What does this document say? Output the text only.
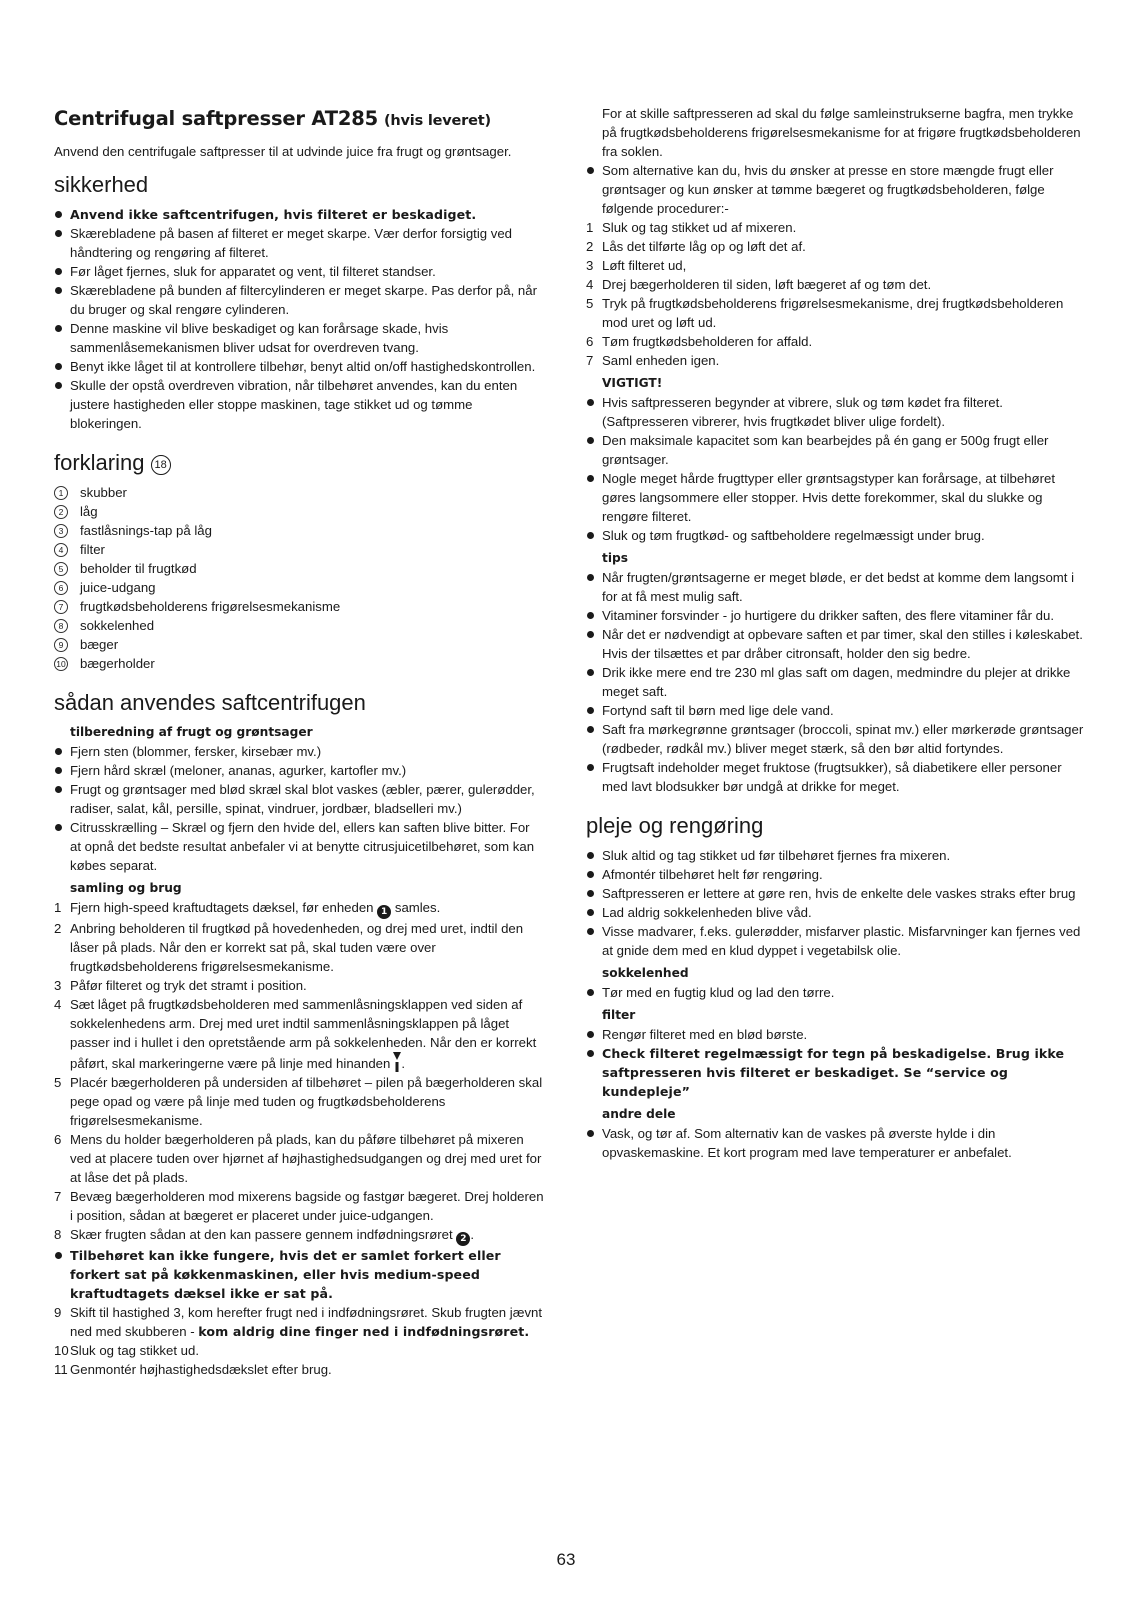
Centrifugal saftpresser AT285 (hvis leveret)

Anvend den centrifugale saftpresser til at udvinde juice fra frugt og grøntsager.

sikkerhed
Anvend ikke saftcentrifugen, hvis filteret er beskadiget.
Skærebladene på basen af filteret er meget skarpe. Vær derfor forsigtig ved håndtering og rengøring af filteret.
Før låget fjernes, sluk for apparatet og vent, til filteret standser.
Skærebladene på bunden af filtercylinderen er meget skarpe. Pas derfor på, når du bruger og skal rengøre cylinderen.
Denne maskine vil blive beskadiget og kan forårsage skade, hvis sammenlåsemekanismen bliver udsat for overdreven tvang.
Benyt ikke låget til at kontrollere tilbehør, benyt altid on/off hastighedskontrollen.
Skulle der opstå overdreven vibration, når tilbehøret anvendes, kan du enten justere hastigheden eller stoppe maskinen, tage stikket ud og tømme blokeringen.
forklaring 18
1	skubber
2	låg
3	fastlåsnings-tap på låg
4	filter
5	beholder til frugtkød
6	juice-udgang
7	frugtkødsbeholderens frigørelsesmekanisme
8	sokkelenhed
9	bæger
10 bægerholder
sådan anvendes saftcentrifugen
tilberedning af frugt og grøntsager
Fjern sten (blommer, fersker, kirsebær mv.)
Fjern hård skræl (meloner, ananas, agurker, kartofler mv.)
Frugt og grøntsager med blød skræl skal blot vaskes (æbler, pærer, gulerødder, radiser, salat, kål, persille, spinat, vindruer, jordbær, bladselleri mv.)
Citrusskrælling – Skræl og fjern den hvide del, ellers kan saften blive bitter. For at opnå det bedste resultat anbefaler vi at benytte citrusjuicetilbehøret, som kan købes separat.
samling og brug
1 Fjern high-speed kraftudtagets dæksel, før enheden 1 samles.
2 Anbring beholderen til frugtkød på hovedenheden, og drej med uret, indtil den låser på plads. Når den er korrekt sat på, skal tuden være over frugtkødsbeholderens frigørelsesmekanisme.
3 Påfør filteret og tryk det stramt i position.
4 Sæt låget på frugtkødsbeholderen med sammenlåsningsklappen ved siden af sokkelenhedens arm. Drej med uret indtil sammenlåsningsklappen på låget passer ind i hullet i den opretstående arm på sokkelenheden. Når den er korrekt påført, skal markeringerne være på linje med hinanden .
5 Placér bægerholderen på undersiden af tilbehøret – pilen på bægerholderen skal pege opad og være på linje med tuden og frugtkødsbeholderens frigørelsesmekanisme.
6 Mens du holder bægerholderen på plads, kan du påføre tilbehøret på mixeren ved at placere tuden over hjørnet af højhastighedsudgangen og drej med uret for at låse det på plads.
7 Bevæg bægerholderen mod mixerens bagside og fastgør bægeret. Drej holderen i position, sådan at bægeret er placeret under juice-udgangen.
8 Skær frugten sådan at den kan passere gennem indfødningsrøret 2 .
Tilbehøret kan ikke fungere, hvis det er samlet forkert eller forkert sat på køkkenmaskinen, eller hvis medium-speed kraftudtagets dæksel ikke er sat på.
9 Skift til hastighed 3, kom herefter frugt ned i indfødningsrøret. Skub frugten jævnt ned med skubberen - kom aldrig dine finger ned i indfødningsrøret.
10 Sluk og tag stikket ud.
11 Genmontér højhastighedsdækslet efter brug.

For at skille saftpresseren ad skal du følge samleinstrukserne bagfra, men trykke på frugtkødsbeholderens frigørelsesmekanisme for at frigøre frugtkødsbeholderen fra soklen.

Som alternative kan du, hvis du ønsker at presse en store mængde frugt eller grøntsager og kun ønsker at tømme bægeret og frugtkødsbeholderen, følge følgende procedurer:-
1 Sluk og tag stikket ud af mixeren.
2 Lås det tilførte låg op og løft det af.
3 Løft filteret ud,
4 Drej bægerholderen til siden, løft bægeret af og tøm det.
5 Tryk på frugtkødsbeholderens frigørelsesmekanisme, drej frugtkødsbeholderen mod uret og løft ud.
6 Tøm frugtkødsbeholderen for affald.
7 Saml enheden igen.
VIGTIGT!
Hvis saftpresseren begynder at vibrere, sluk og tøm kødet fra filteret. (Saftpresseren vibrerer, hvis frugtkødet bliver ulige fordelt).
Den maksimale kapacitet som kan bearbejdes på én gang er 500g frugt eller grøntsager.
Nogle meget hårde frugttyper eller grøntsagstyper kan forårsage, at tilbehøret gøres langsommere eller stopper. Hvis dette forekommer, skal du slukke og rengøre filteret.
Sluk og tøm frugtkød- og saftbeholdere regelmæssigt under brug.
tips
Når frugten/grøntsagerne er meget bløde, er det bedst at komme dem langsomt i for at få mest mulig saft.
Vitaminer forsvinder - jo hurtigere du drikker saften, des flere vitaminer får du.
Når det er nødvendigt at opbevare saften et par timer, skal den stilles i køleskabet. Hvis der tilsættes et par dråber citronsaft, holder den sig bedre.
Drik ikke mere end tre 230 ml glas saft om dagen, medmindre du plejer at drikke meget saft.
Fortynd saft til børn med lige dele vand.
Saft fra mørkegrønne grøntsager (broccoli, spinat mv.) eller mørkerøde grøntsager (rødbeder, rødkål mv.) bliver meget stærk, så den bør altid fortyndes.
Frugtsaft indeholder meget fruktose (frugtsukker), så diabetikere eller personer med lavt blodsukker bør undgå at drikke for meget.
pleje og rengøring
Sluk altid og tag stikket ud før tilbehøret fjernes fra mixeren.
Afmontér tilbehøret helt før rengøring.
Saftpresseren er lettere at gøre ren, hvis de enkelte dele vaskes straks efter brug
Lad aldrig sokkelenheden blive våd.
Visse madvarer, f.eks. gulerødder, misfarver plastic. Misfarvninger kan fjernes ved at gnide dem med en klud dyppet i vegetabilsk olie.
sokkelenhed
Tør med en fugtig klud og lad den tørre.
filter
Rengør filteret med en blød børste.
Check filteret regelmæssigt for tegn på beskadigelse. Brug ikke saftpresseren hvis filteret er beskadiget. Se “service og kundepleje”
andre dele
Vask, og tør af. Som alternativ kan de vaskes på øverste hylde i din opvaskemaskine. Et kort program med lave temperaturer er anbefalet.
63
